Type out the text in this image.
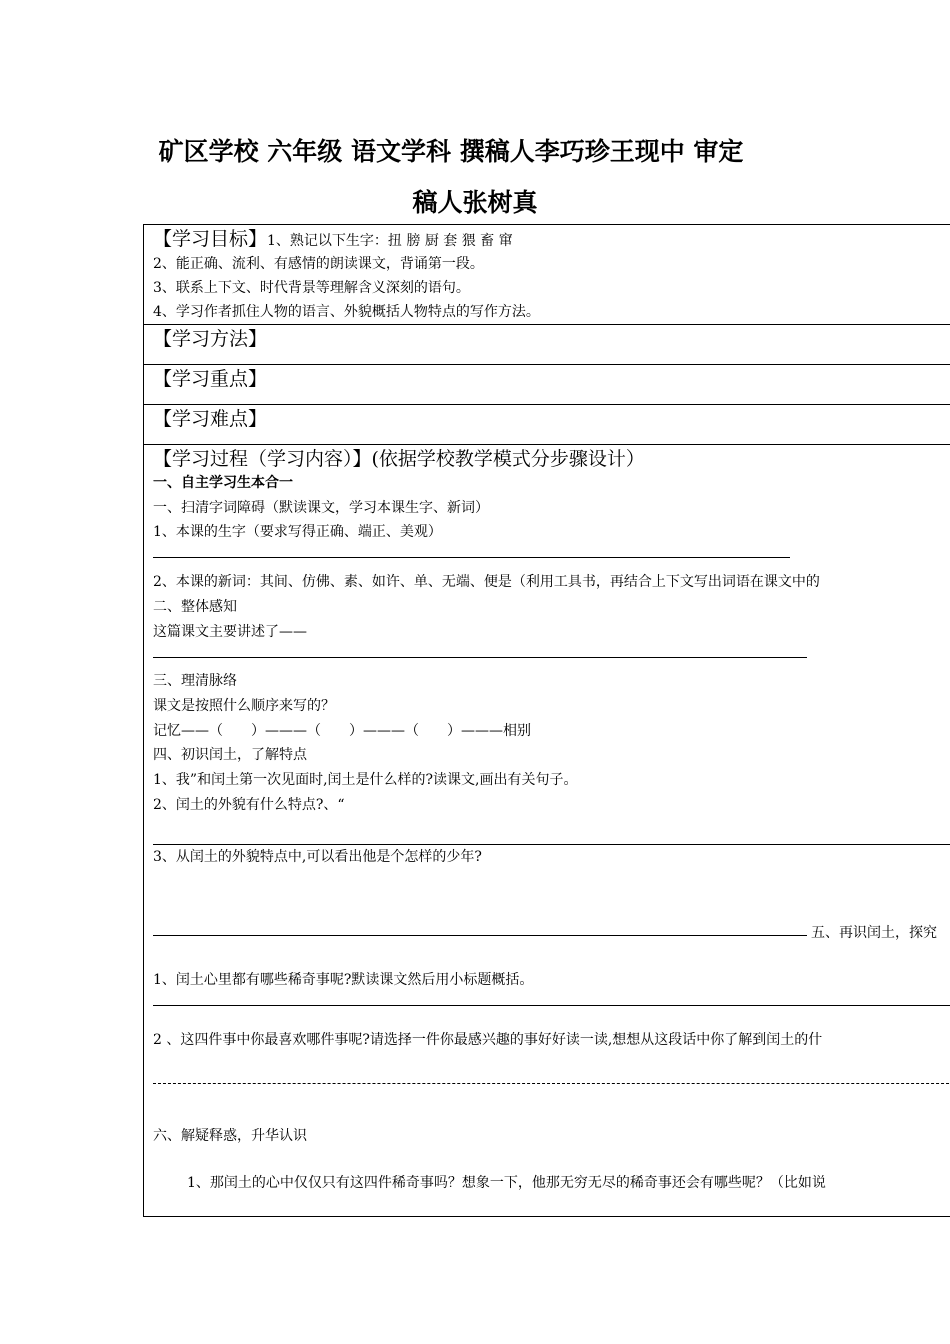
矿区学校 六年级 语文学科 撰稿人李巧珍王现中 审定
稿人张树真
【学习目标】1、熟记以下生字：扭 膀 厨 套 猥 畜 窜
2、能正确、流利、有感情的朗读课文，背诵第一段。
3、联系上下文、时代背景等理解含义深刻的语句。
4、学习作者抓住人物的语言、外貌概括人物特点的写作方法。
【学习方法】
【学习重点】
【学习难点】
【学习过程（学习内容）】(依据学校教学模式分步骤设计）
一、自主学习生本合一
一、扫清字词障碍（默读课文，学习本课生字、新词）
1、本课的生字（要求写得正确、端正、美观）
2、本课的新词：其间、仿佛、素、如许、单、无端、便是（利用工具书，再结合上下文写出词语在课文中的
二、整体感知
这篇课文主要讲述了——
三、理清脉络
课文是按照什么顺序来写的？
记忆——（　　）———（　　）———（　　）———相别
四、初识闰土，了解特点
1、我”和闰土第一次见面时,闰土是什么样的?读课文,画出有关句子。
2、闰土的外貌有什么特点?、“
3、从闰土的外貌特点中,可以看出他是个怎样的少年?
五、再识闰土，探究
1、闰土心里都有哪些稀奇事呢?默读课文然后用小标题概括。
2 、这四件事中你最喜欢哪件事呢?请选择一件你最感兴趣的事好好读一读,想想从这段话中你了解到闰土的什
六、解疑释惑，升华认识
1、那闰土的心中仅仅只有这四件稀奇事吗？想象一下，他那无穷无尽的稀奇事还会有哪些呢？（比如说
